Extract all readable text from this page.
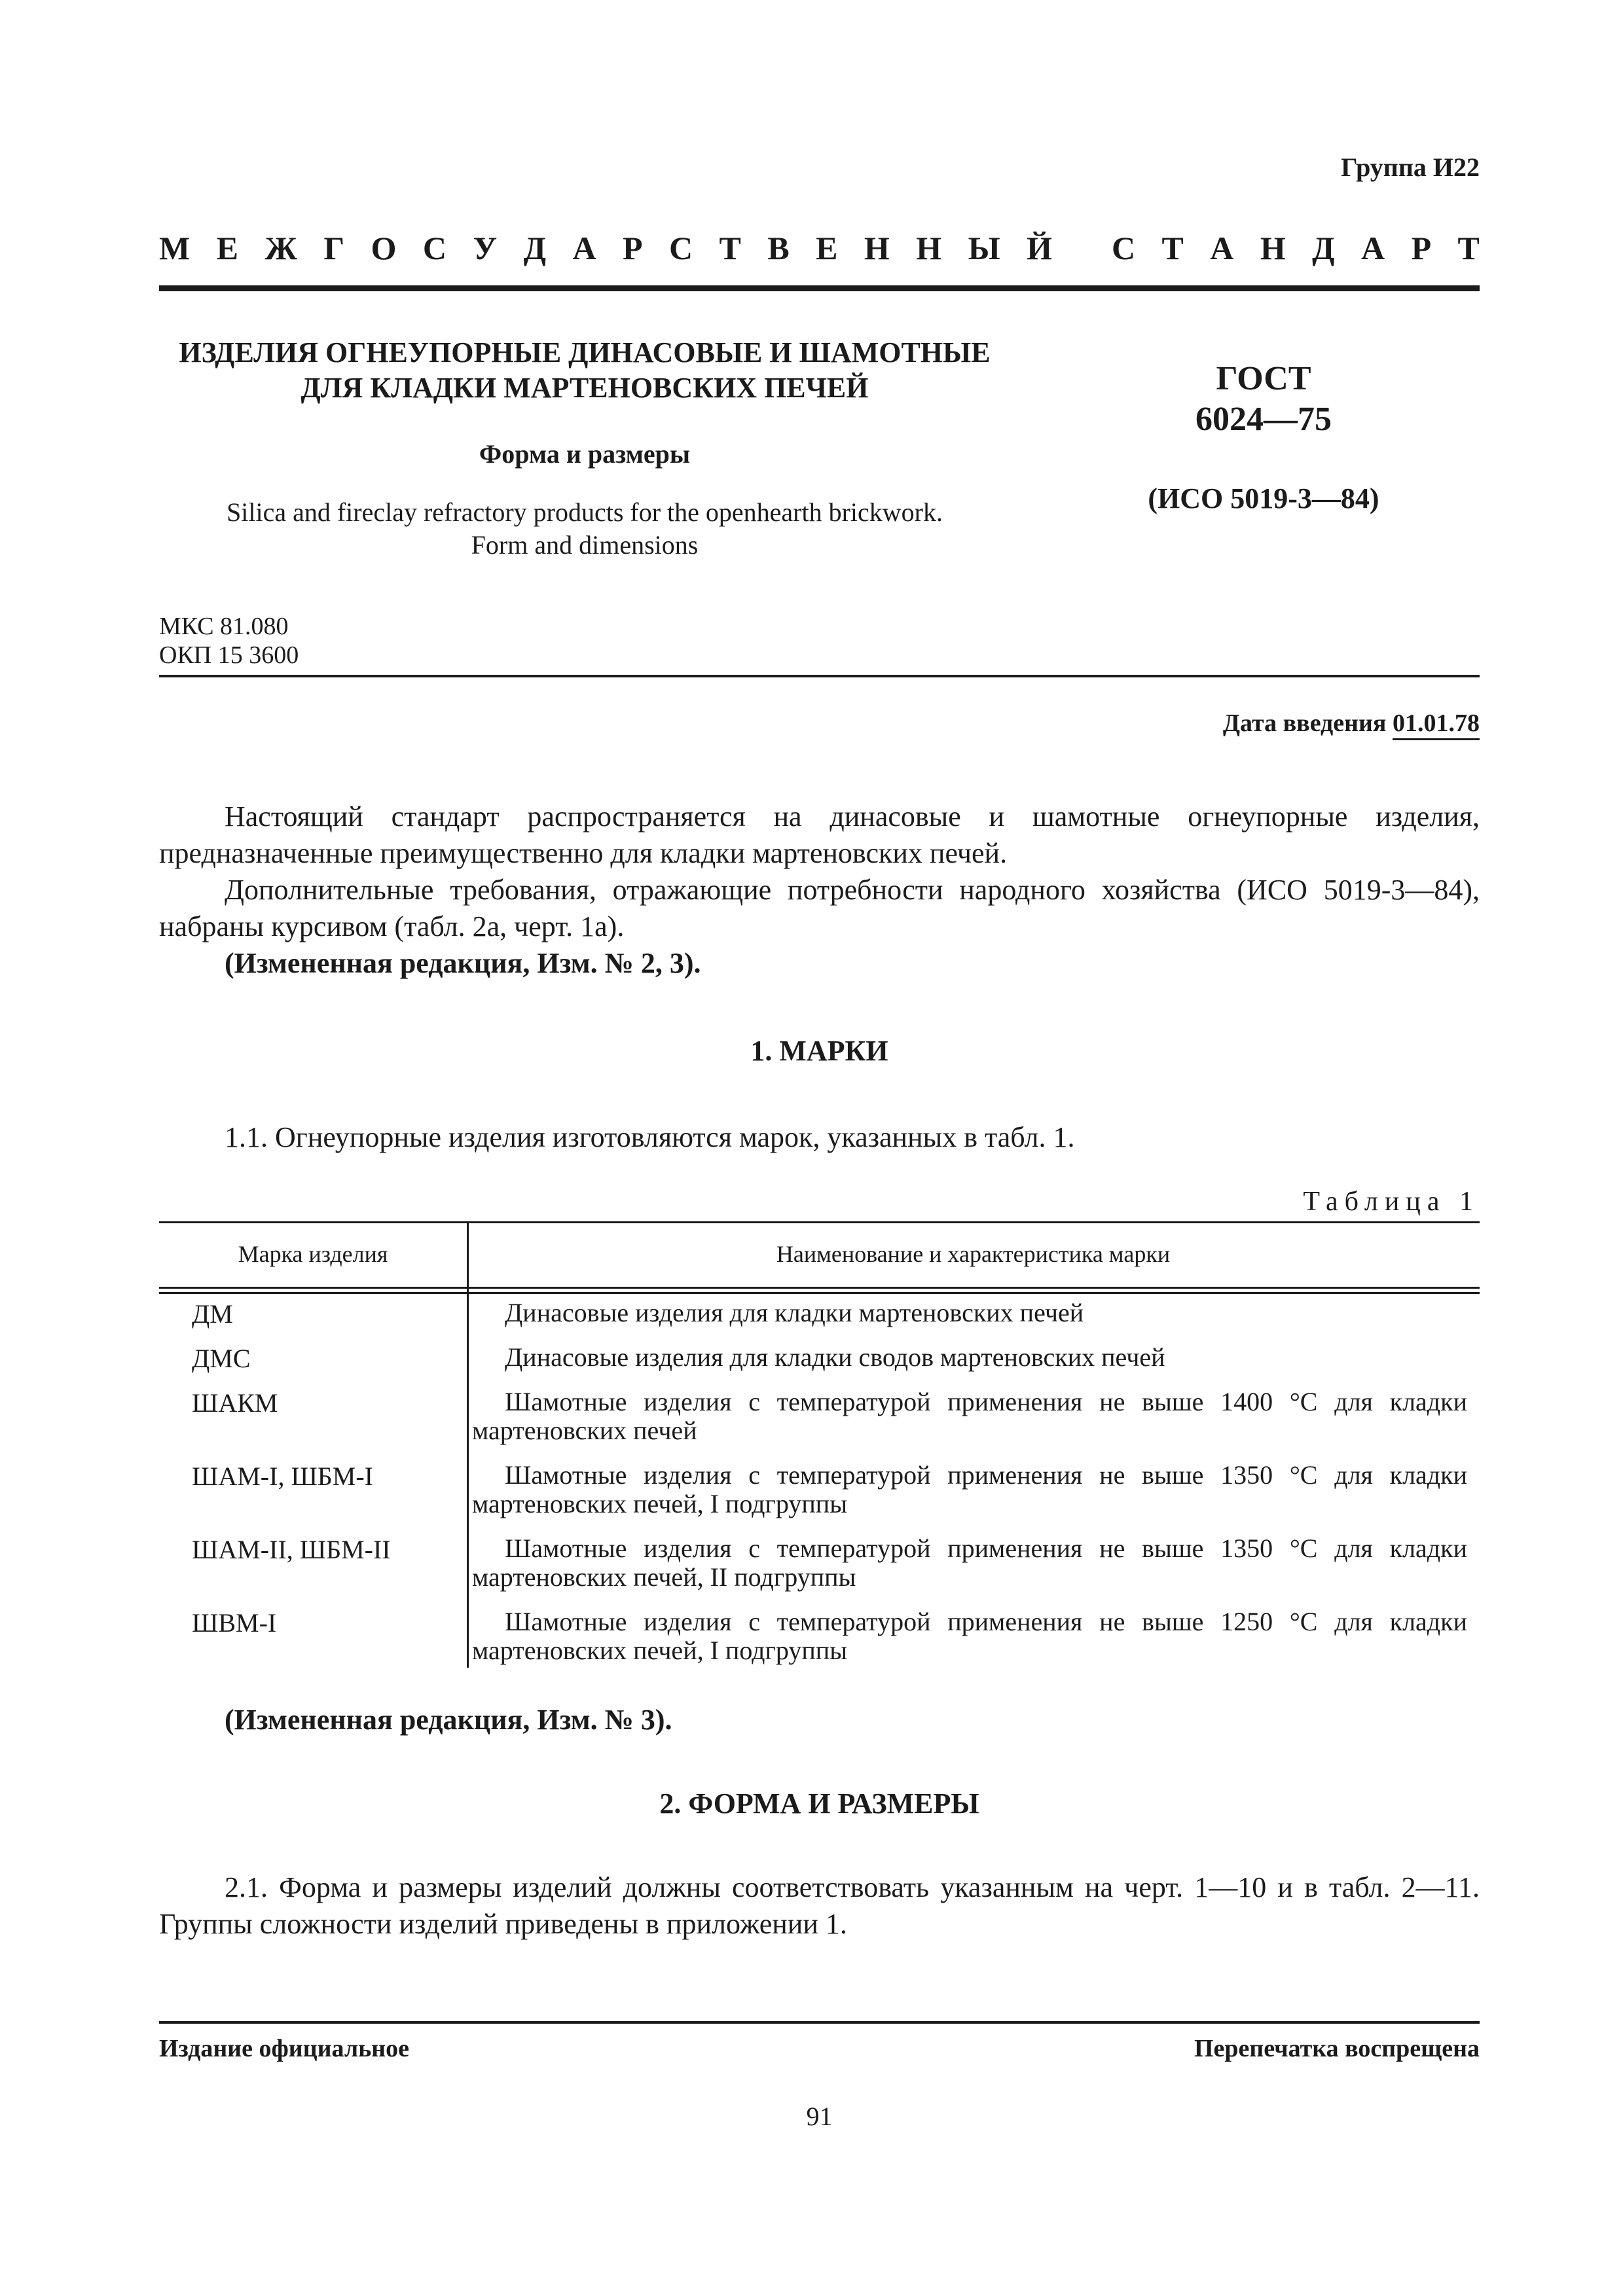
Группа И22
М Е Ж Г О С У Д А Р С Т В Е Н Н Ы Й С Т А Н Д А Р Т
ИЗДЕЛИЯ ОГНЕУПОРНЫЕ ДИНАСОВЫЕ И ШАМОТНЫЕ
ДЛЯ КЛАДКИ МАРТЕНОВСКИХ ПЕЧЕЙ
Форма и размеры
Silica and fireclay refractory products for the openhearth brickwork.
Form and dimensions
ГОСТ
6024—75
(ИСО 5019-3—84)
МКС 81.080
ОКП 15 3600
Дата введения 01.01.78
Настоящий стандарт распространяется на динасовые и шамотные огнеупорные изделия, предназначенные преимущественно для кладки мартеновских печей.
Дополнительные требования, отражающие потребности народного хозяйства (ИСО 5019-3—84), набраны курсивом (табл. 2а, черт. 1а).
(Измененная редакция, Изм. № 2, 3).
1. МАРКИ
1.1. Огнеупорные изделия изготовляются марок, указанных в табл. 1.
Таблица 1
Марка изделия	Наименование и характеристика марки
ДМ	Динасовые изделия для кладки мартеновских печей
ДМС	Динасовые изделия для кладки сводов мартеновских печей
ШАКМ	Шамотные изделия с температурой применения не выше 1400 °С для кладки
мартеновских печей
ШАМ-I, ШБМ-I	Шамотные изделия с температурой применения не выше 1350 °С для кладки
мартеновских печей, I подгруппы
ШАМ-II, ШБМ-II	Шамотные изделия с температурой применения не выше 1350 °С для кладки
мартеновских печей, II подгруппы
ШВМ-I	Шамотные изделия с температурой применения не выше 1250 °С для кладки
мартеновских печей, I подгруппы
(Измененная редакция, Изм. № 3).
2. ФОРМА И РАЗМЕРЫ
2.1. Форма и размеры изделий должны соответствовать указанным на черт. 1—10 и в табл. 2—11. Группы сложности изделий приведены в приложении 1.
Издание официальное	Перепечатка воспрещена
91
